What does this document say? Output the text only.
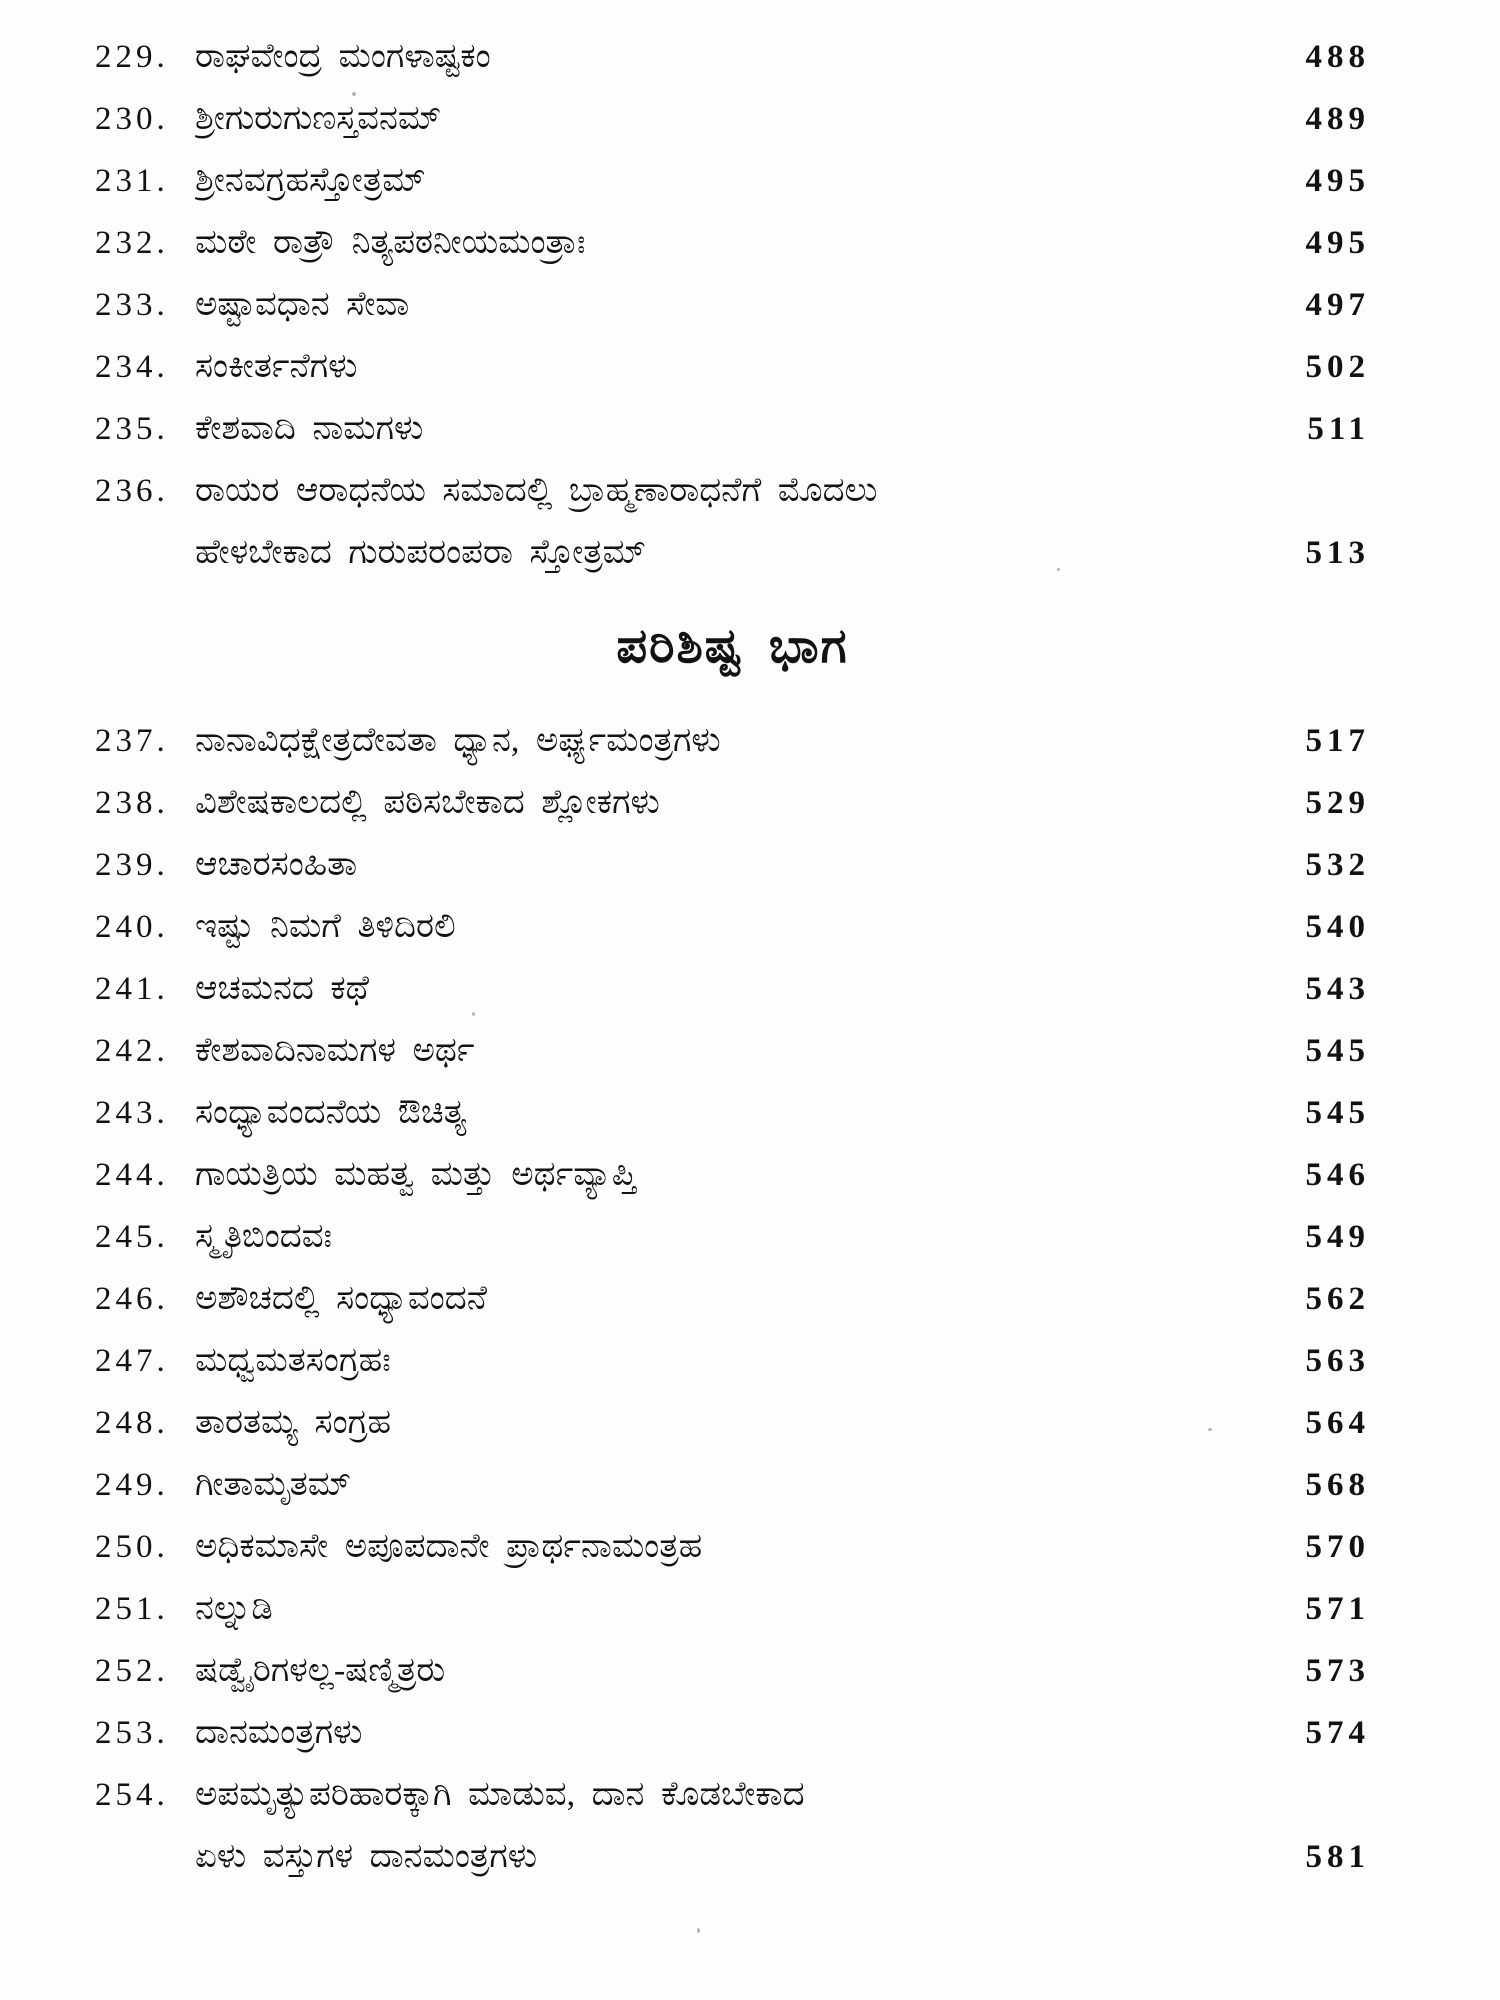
229. ರಾಘವೇಂದ್ರ ಮಂಗಳಾಷ್ಟಕಂ	488
230. ಶ್ರೀಗುರುಗುಣಸ್ತವನಮ್	489
231. ಶ್ರೀನವಗ್ರಹಸ್ತೋತ್ರಮ್	495
232. ಮಠೇ ರಾತ್ರೌ ನಿತ್ಯಪಠನೀಯಮಂತ್ರಾಃ	495
233. ಅಷ್ಟಾವಧಾನ ಸೇವಾ	497
234. ಸಂಕೀರ್ತನೆಗಳು	502
235. ಕೇಶವಾದಿ ನಾಮಗಳು	511
236. ರಾಯರ ಆರಾಧನೆಯ ಸಮಾದಲ್ಲಿ ಬ್ರಾಹ್ಮಣಾರಾಧನೆಗೆ ಮೊದಲು
ಹೇಳಬೇಕಾದ ಗುರುಪರಂಪರಾ ಸ್ತೋತ್ರಮ್	513
ಪರಿಶಿಷ್ಟ ಭಾಗ
237. ನಾನಾವಿಧಕ್ಷೇತ್ರದೇವತಾ ಧ್ಯಾನ, ಅರ್ಘ್ಯಮಂತ್ರಗಳು	517
238. ವಿಶೇಷಕಾಲದಲ್ಲಿ ಪಠಿಸಬೇಕಾದ ಶ್ಲೋಕಗಳು	529
239. ಆಚಾರಸಂಹಿತಾ	532
240. ಇಷ್ಟು ನಿಮಗೆ ತಿಳಿದಿರಲಿ	540
241. ಆಚಮನದ ಕಥೆ	543
242. ಕೇಶವಾದಿನಾಮಗಳ ಅರ್ಥ	545
243. ಸಂಧ್ಯಾವಂದನೆಯ ಔಚಿತ್ಯ	545
244. ಗಾಯತ್ರಿಯ ಮಹತ್ವ ಮತ್ತು ಅರ್ಥವ್ಯಾಪ್ತಿ	546
245. ಸ್ಮೃತಿಬಿಂದವಃ	549
246. ಅಶೌಚದಲ್ಲಿ ಸಂಧ್ಯಾವಂದನೆ	562
247. ಮಧ್ವಮತಸಂಗ್ರಹಃ	563
248. ತಾರತಮ್ಯ ಸಂಗ್ರಹ	564
249. ಗೀತಾಮೃತಮ್	568
250. ಅಧಿಕಮಾಸೇ ಅಪೂಪದಾನೇ ಪ್ರಾರ್ಥನಾಮಂತ್ರಹ	570
251. ನಲ್ನುಡಿ	571
252. ಷಡ್ವೈರಿಗಳಲ್ಲ-ಷಣ್ಮಿತ್ರರು	573
253. ದಾನಮಂತ್ರಗಳು	574
254. ಅಪಮೃತ್ಯುಪರಿಹಾರಕ್ಕಾಗಿ ಮಾಡುವ, ದಾನ ಕೊಡಬೇಕಾದ
ಏಳು ವಸ್ತುಗಳ ದಾನಮಂತ್ರಗಳು	581
